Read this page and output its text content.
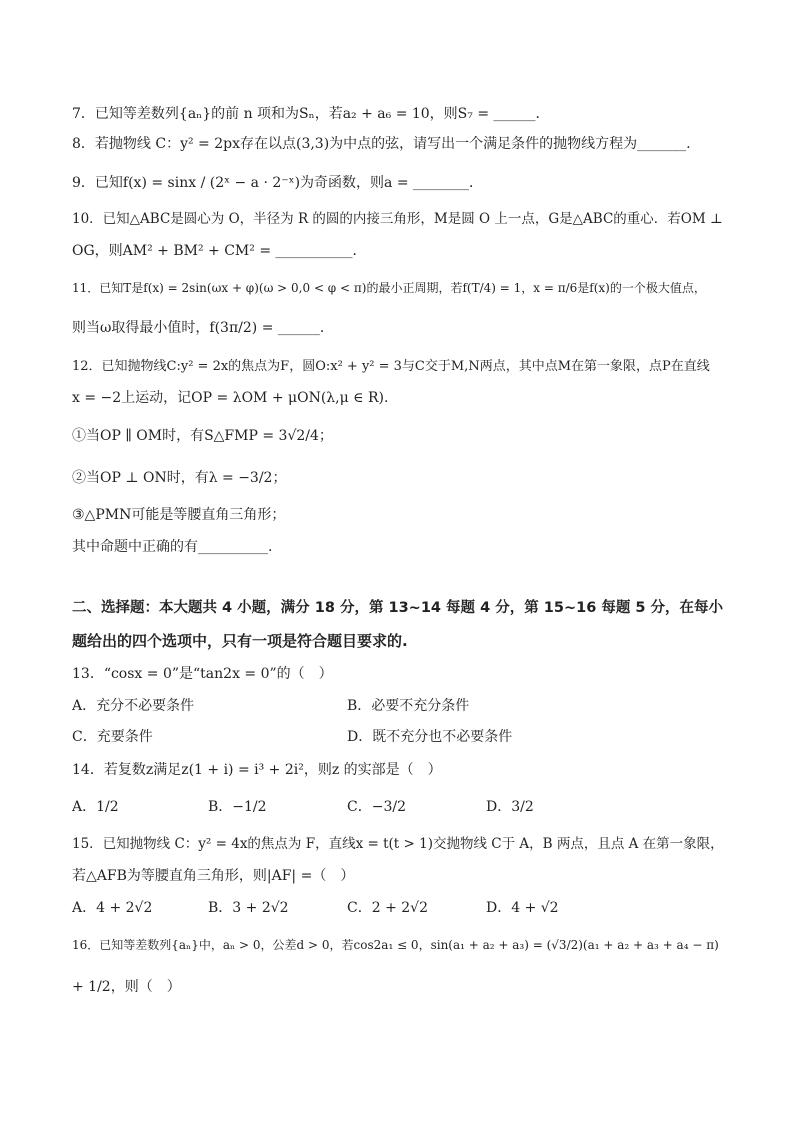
7．已知等差数列{aₙ}的前 n 项和为Sₙ，若a₂ + a₆ = 10，则S₇ = ______．
8．若抛物线 C：y² = 2px存在以点(3,3)为中点的弦，请写出一个满足条件的抛物线方程为_______.
9．已知f(x) = sinx / (2ˣ − a · 2⁻ˣ)为奇函数，则a = ________．
10．已知△ABC是圆心为 O，半径为 R 的圆的内接三角形，M是圆 O 上一点，G是△ABC的重心．若OM ⊥
OG，则AM² + BM² + CM² = ___________．
11．已知T是f(x) = 2sin(ωx + φ)(ω > 0,0 < φ < π)的最小正周期，若f(T/4) = 1，x = π/6是f(x)的一个极大值点，
则当ω取得最小值时，f(3π/2) = ______．
12．已知抛物线C:y² = 2x的焦点为F，圆O:x² + y² = 3与C交于M,N两点，其中点M在第一象限，点P在直线
x = −2上运动，记OP = λOM + μON(λ,μ ∈ R).
①当OP ∥ OM时，有S△FMP = 3√2/4；
②当OP ⊥ ON时，有λ = −3/2；
③△PMN可能是等腰直角三角形；
其中命题中正确的有__________.
二、选择题：本大题共 4 小题，满分 18 分，第 13~14 每题 4 分，第 15~16 每题 5 分，在每小
题给出的四个选项中，只有一项是符合题目要求的.
13．“cosx = 0”是“tan2x = 0”的（　）
A．充分不必要条件	B．必要不充分条件
C．充要条件	D．既不充分也不必要条件
14．若复数z满足z(1 + i) = i³ + 2i²，则z 的实部是（　）
A．1/2	B．−1/2	C．−3/2	D．3/2
15．已知抛物线 C：y² = 4x的焦点为 F，直线x = t(t > 1)交抛物线 C于 A，B 两点，且点 A 在第一象限，
若△AFB为等腰直角三角形，则|AF| =（　）
A．4 + 2√2	B．3 + 2√2	C．2 + 2√2	D．4 + √2
16．已知等差数列{aₙ}中，aₙ > 0，公差d > 0，若cos2a₁ ≤ 0，sin(a₁ + a₂ + a₃) = (√3/2)(a₁ + a₂ + a₃ + a₄ − π)
+ 1/2，则（　）
